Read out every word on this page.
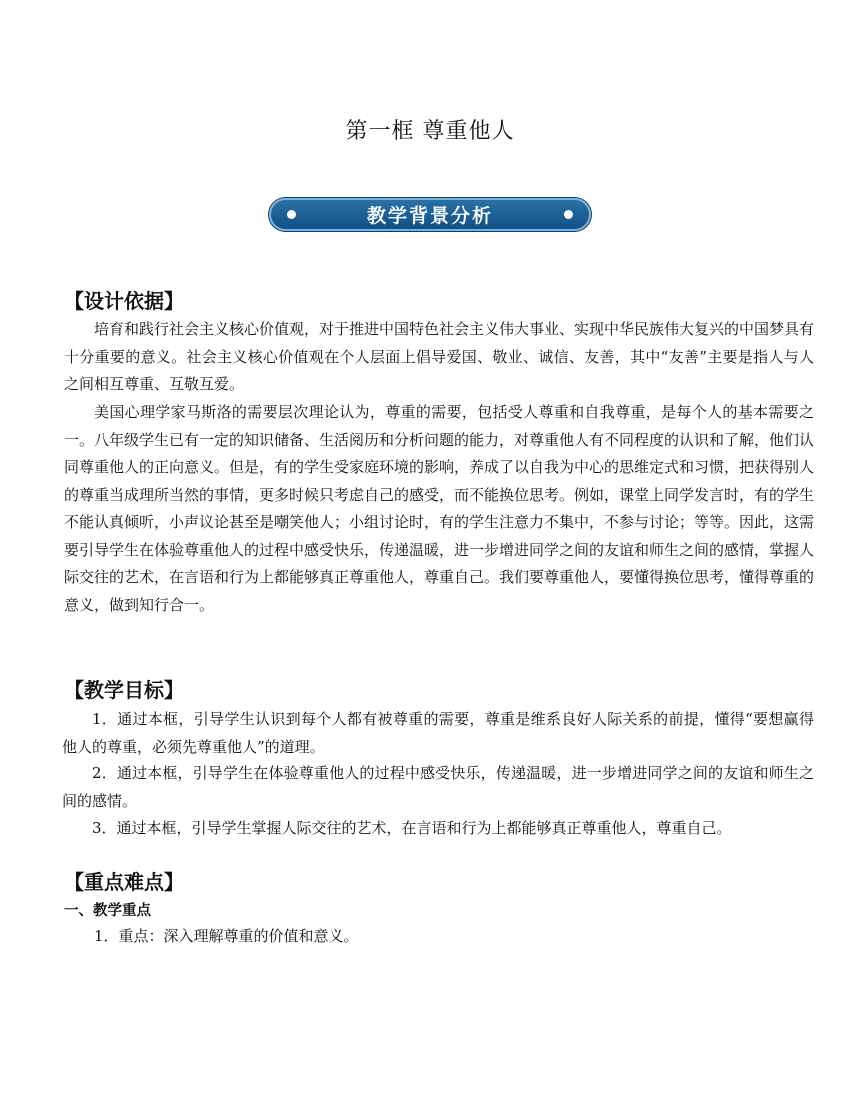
第一框 尊重他人
教学背景分析
【设计依据】

培育和践行社会主义核心价值观，对于推进中国特色社会主义伟大事业、实现中华民族伟大复兴的中国梦具有十分重要的意义。社会主义核心价值观在个人层面上倡导爱国、敬业、诚信、友善，其中“友善”主要是指人与人之间相互尊重、互敬互爱。

美国心理学家马斯洛的需要层次理论认为，尊重的需要，包括受人尊重和自我尊重，是每个人的基本需要之一。八年级学生已有一定的知识储备、生活阅历和分析问题的能力，对尊重他人有不同程度的认识和了解，他们认同尊重他人的正向意义。但是，有的学生受家庭环境的影响，养成了以自我为中心的思维定式和习惯，把获得别人的尊重当成理所当然的事情，更多时候只考虑自己的感受，而不能换位思考。例如，课堂上同学发言时，有的学生不能认真倾听，小声议论甚至是嘲笑他人；小组讨论时，有的学生注意力不集中，不参与讨论；等等。因此，这需要引导学生在体验尊重他人的过程中感受快乐，传递温暖，进一步增进同学之间的友谊和师生之间的感情，掌握人际交往的艺术，在言语和行为上都能够真正尊重他人，尊重自己。我们要尊重他人，要懂得换位思考，懂得尊重的意义，做到知行合一。

【教学目标】

1．通过本框，引导学生认识到每个人都有被尊重的需要，尊重是维系良好人际关系的前提，懂得“要想赢得他人的尊重，必须先尊重他人”的道理。

2．通过本框，引导学生在体验尊重他人的过程中感受快乐，传递温暖，进一步增进同学之间的友谊和师生之间的感情。

3．通过本框，引导学生掌握人际交往的艺术，在言语和行为上都能够真正尊重他人，尊重自己。

【重点难点】
一、教学重点

1．重点：深入理解尊重的价值和意义。
